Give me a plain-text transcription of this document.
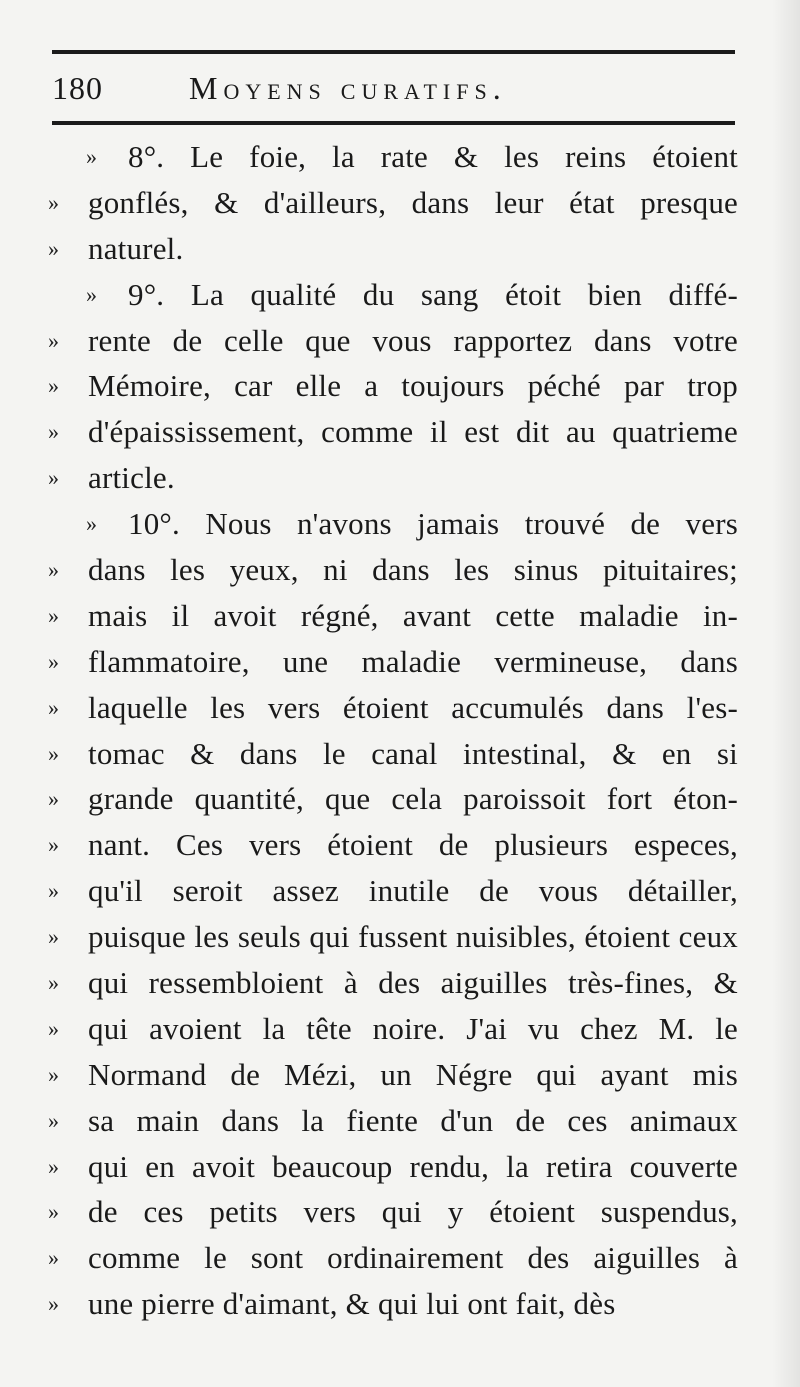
180	Moyens curatifs.
» 8°. Le foie, la rate & les reins étoient
» gonflés, & d'ailleurs, dans leur état presque
» naturel.
» 9°. La qualité du sang étoit bien diffé-
» rente de celle que vous rapportez dans votre
» Mémoire, car elle a toujours péché par trop
» d'épaississement, comme il est dit au quatrieme
» article.
» 10°. Nous n'avons jamais trouvé de vers
» dans les yeux, ni dans les sinus pituitaires;
» mais il avoit régné, avant cette maladie in-
» flammatoire, une maladie vermineuse, dans
» laquelle les vers étoient accumulés dans l'es-
» tomac & dans le canal intestinal, & en si
» grande quantité, que cela paroissoit fort éton-
» nant. Ces vers étoient de plusieurs especes,
» qu'il seroit assez inutile de vous détailler,
» puisque les seuls qui fussent nuisibles, étoient ceux
» qui ressembloient à des aiguilles très-fines, &
» qui avoient la tête noire. J'ai vu chez M. le
» Normand de Mézi, un Négre qui ayant mis
» sa main dans la fiente d'un de ces animaux
» qui en avoit beaucoup rendu, la retira couverte
» de ces petits vers qui y étoient suspendus,
» comme le sont ordinairement des aiguilles à
» une pierre d'aimant, & qui lui ont fait, dès
